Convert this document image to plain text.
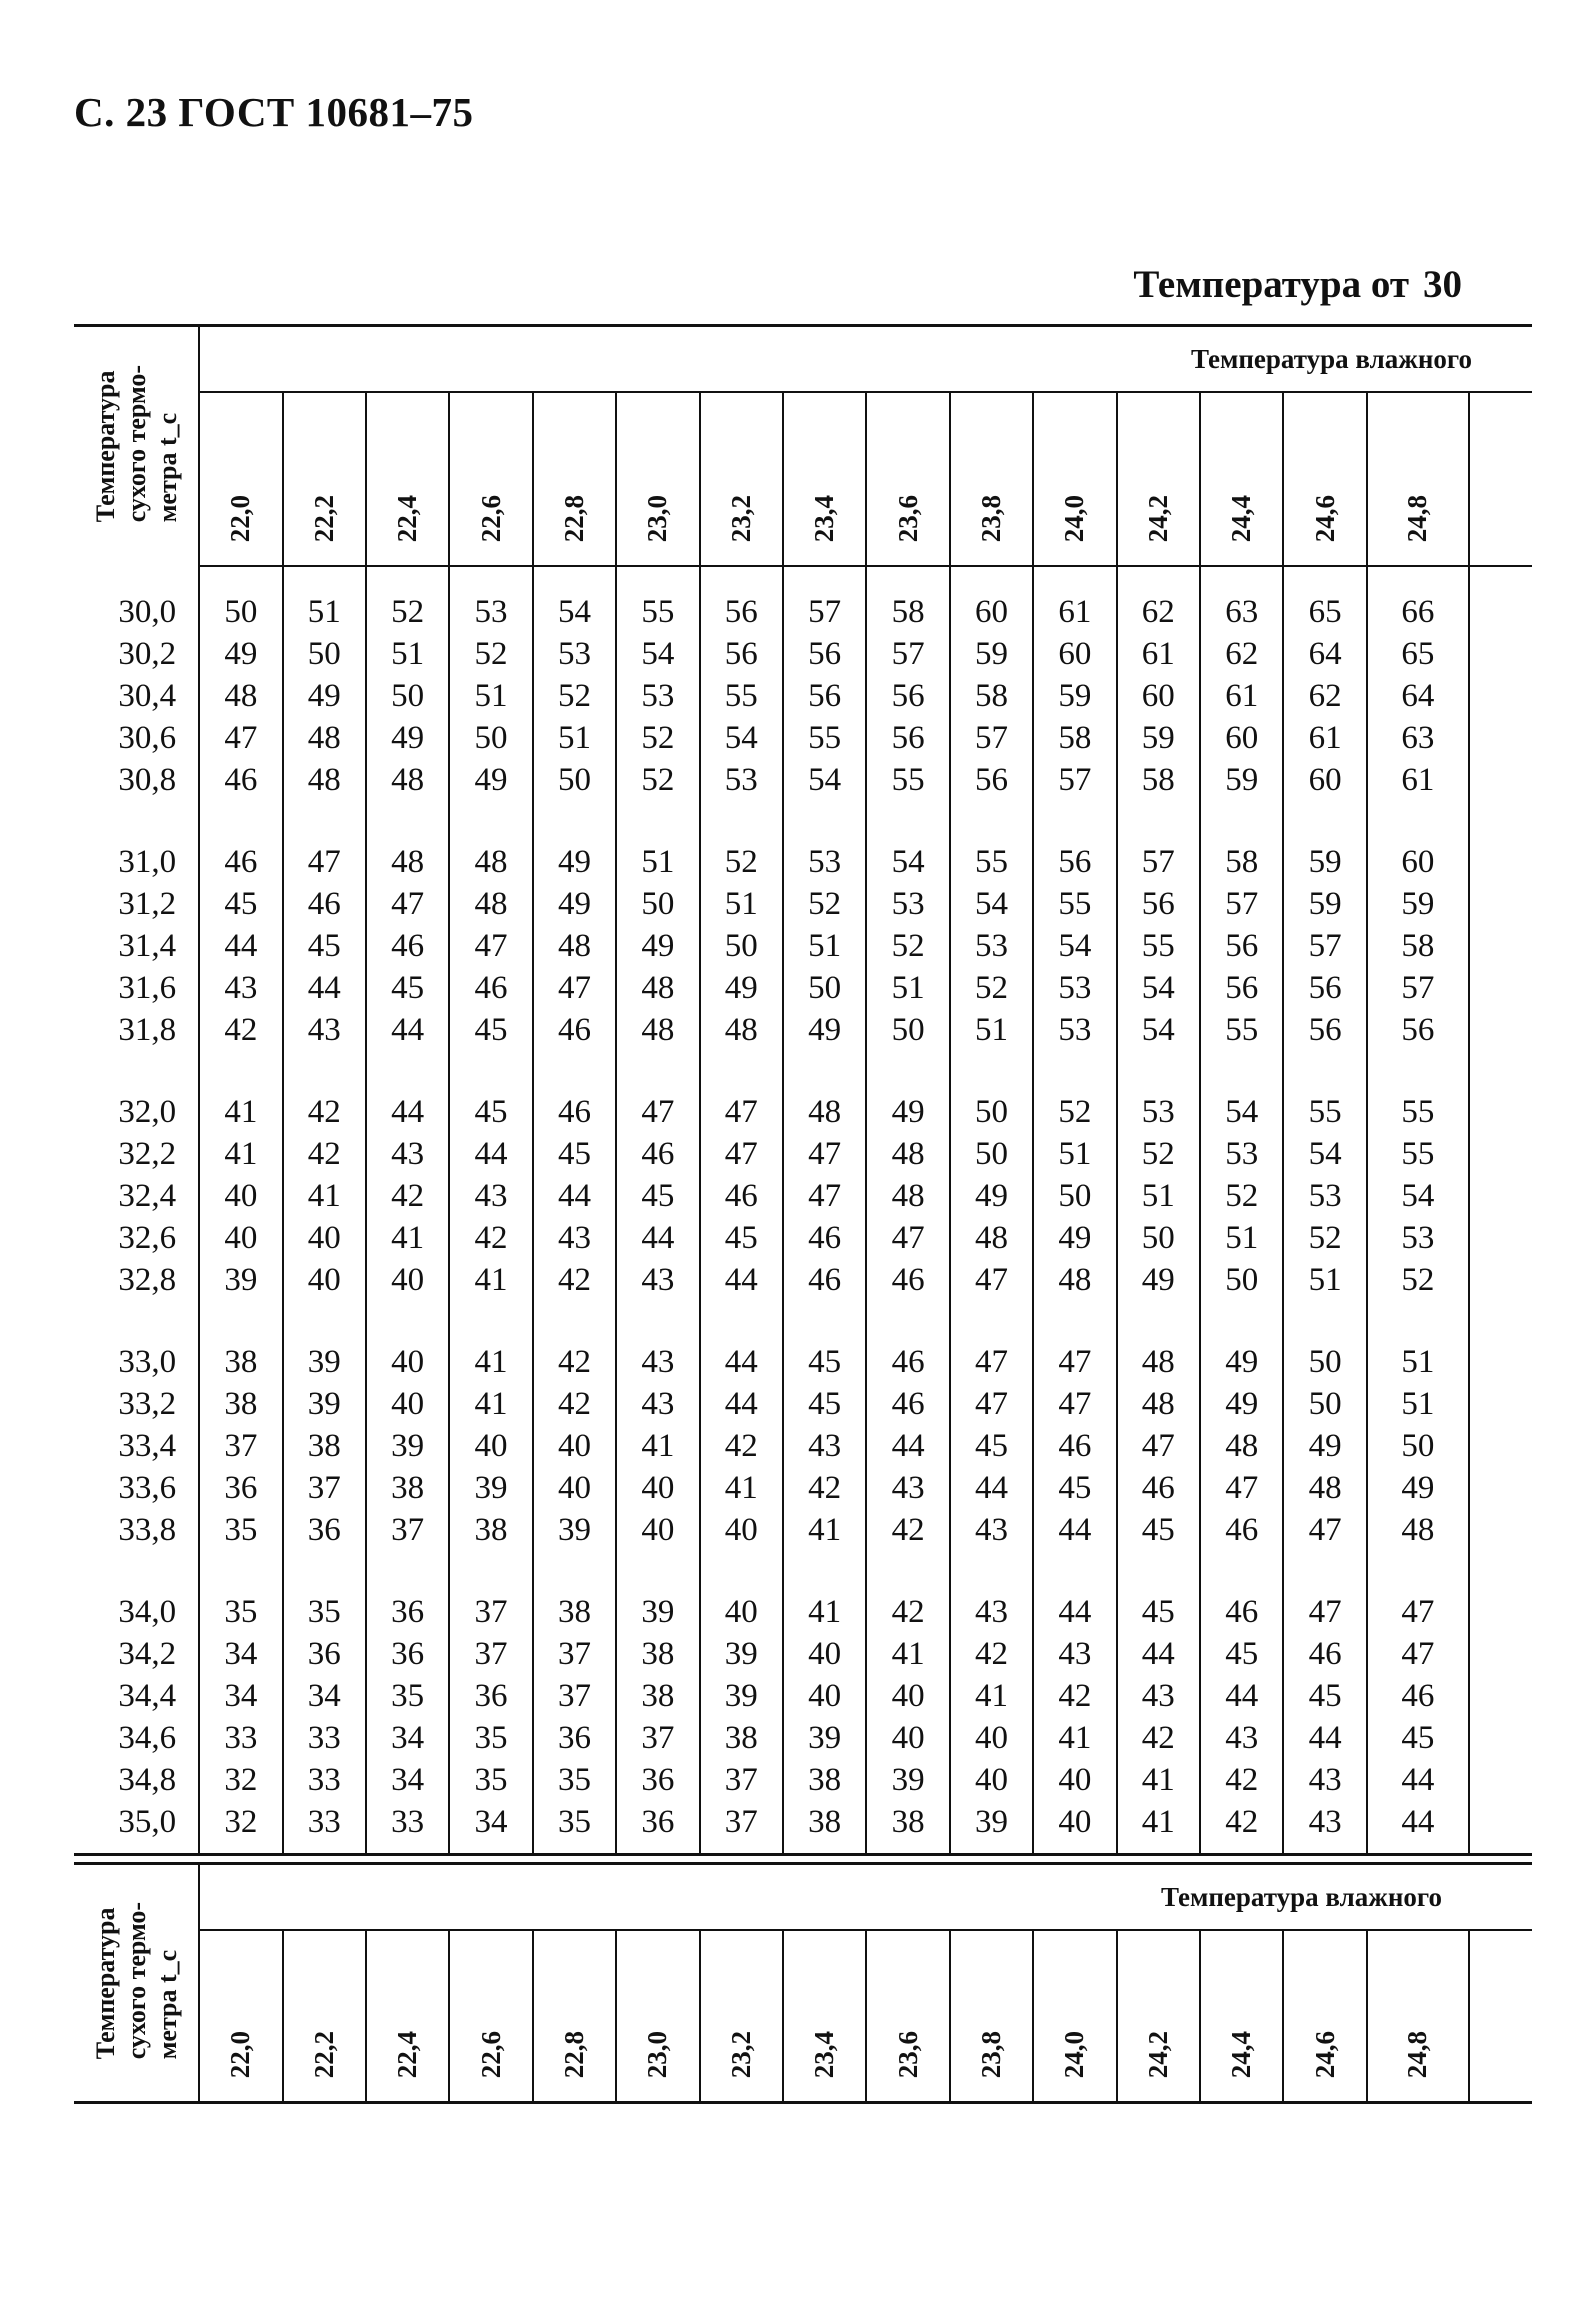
С. 23 ГОСТ 10681–75
Температура от 30
Температура
сухого термо-
метра t_c	Температура влажного															
	22,0	22,2	22,4	22,6	22,8	23,0	23,2	23,4	23,6	23,8	24,0	24,2	24,4	24,6	24,8	

30,0	50	51	52	53	54	55	56	57	58	60	61	62	63	65	66	
30,2	49	50	51	52	53	54	56	56	57	59	60	61	62	64	65	
30,4	48	49	50	51	52	53	55	56	56	58	59	60	61	62	64	
30,6	47	48	49	50	51	52	54	55	56	57	58	59	60	61	63	
30,8	46	48	48	49	50	52	53	54	55	56	57	58	59	60	61	

31,0	46	47	48	48	49	51	52	53	54	55	56	57	58	59	60	
31,2	45	46	47	48	49	50	51	52	53	54	55	56	57	59	59	
31,4	44	45	46	47	48	49	50	51	52	53	54	55	56	57	58	
31,6	43	44	45	46	47	48	49	50	51	52	53	54	56	56	57	
31,8	42	43	44	45	46	48	48	49	50	51	53	54	55	56	56	

32,0	41	42	44	45	46	47	47	48	49	50	52	53	54	55	55	
32,2	41	42	43	44	45	46	47	47	48	50	51	52	53	54	55	
32,4	40	41	42	43	44	45	46	47	48	49	50	51	52	53	54	
32,6	40	40	41	42	43	44	45	46	47	48	49	50	51	52	53	
32,8	39	40	40	41	42	43	44	46	46	47	48	49	50	51	52	

33,0	38	39	40	41	42	43	44	45	46	47	47	48	49	50	51	
33,2	38	39	40	41	42	43	44	45	46	47	47	48	49	50	51	
33,4	37	38	39	40	40	41	42	43	44	45	46	47	48	49	50	
33,6	36	37	38	39	40	40	41	42	43	44	45	46	47	48	49	
33,8	35	36	37	38	39	40	40	41	42	43	44	45	46	47	48	

34,0	35	35	36	37	38	39	40	41	42	43	44	45	46	47	47	
34,2	34	36	36	37	37	38	39	40	41	42	43	44	45	46	47	
34,4	34	34	35	36	37	38	39	40	40	41	42	43	44	45	46	
34,6	33	33	34	35	36	37	38	39	40	40	41	42	43	44	45	
34,8	32	33	34	35	35	36	37	38	39	40	40	41	42	43	44	
35,0	32	33	33	34	35	36	37	38	38	39	40	41	42	43	44	

Температура
сухого термо-
метра t_c	Температура влажного															
	22,0	22,2	22,4	22,6	22,8	23,0	23,2	23,4	23,6	23,8	24,0	24,2	24,4	24,6	24,8	
